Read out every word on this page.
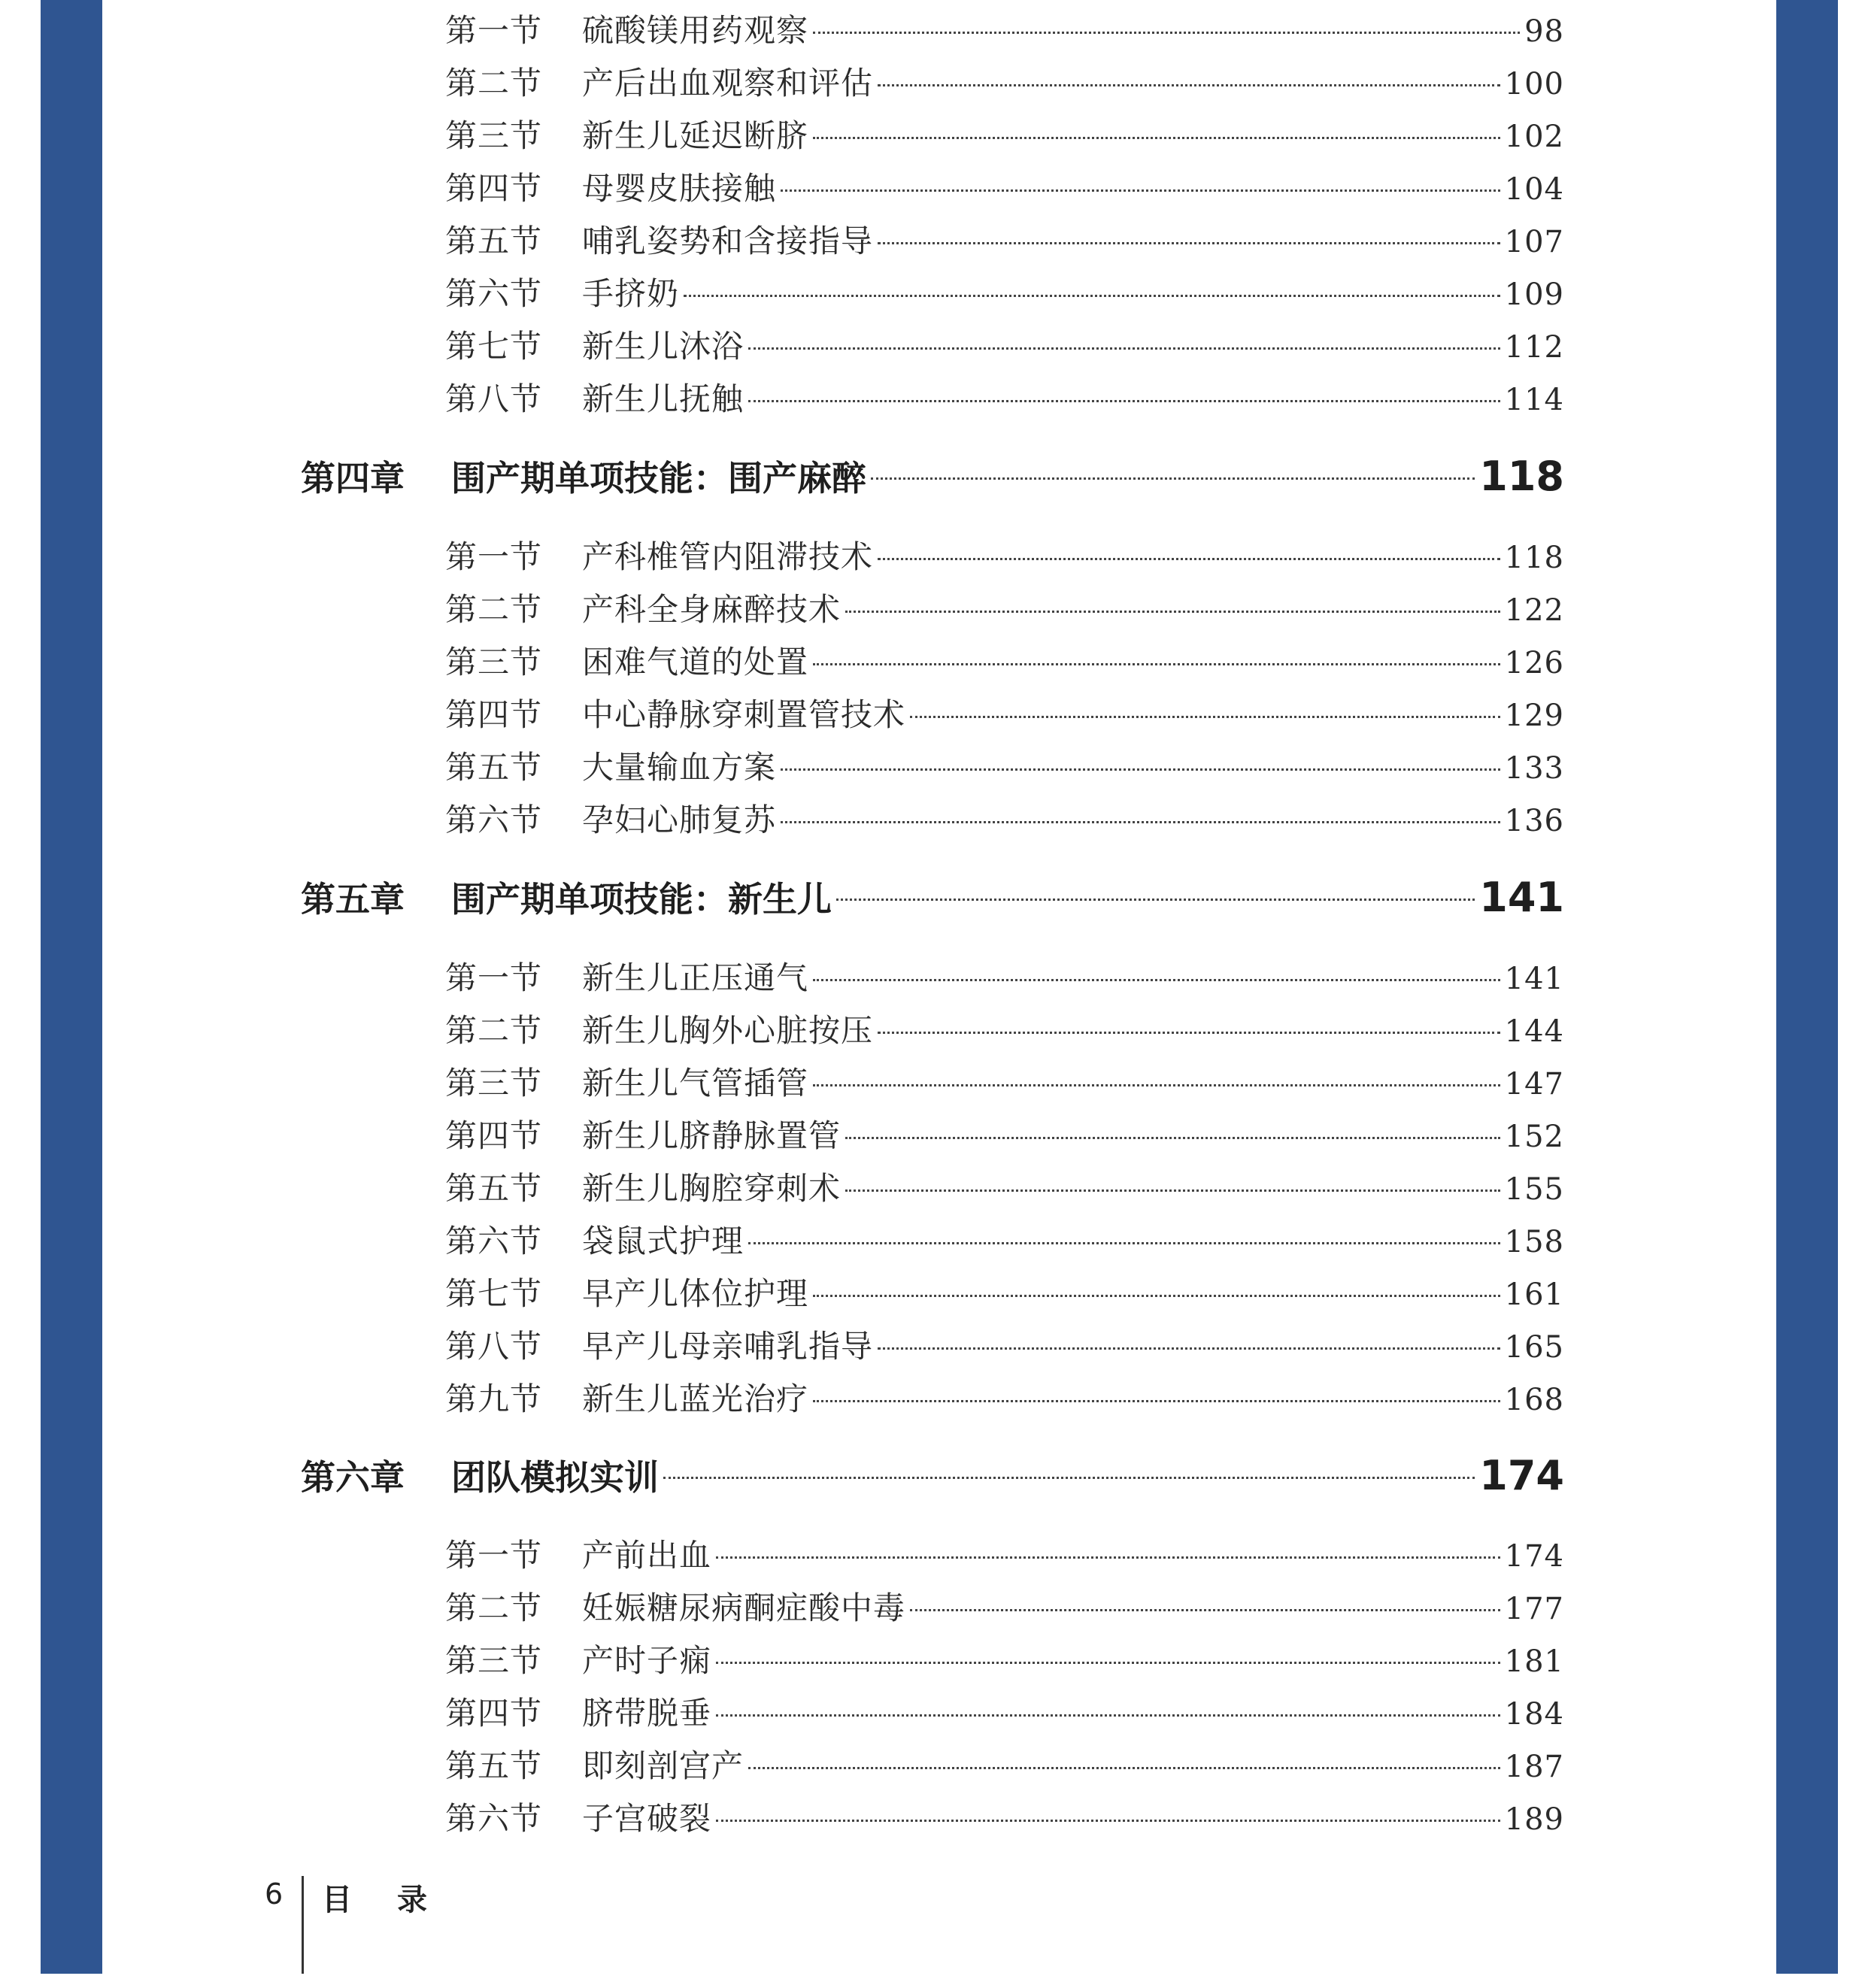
第一节	硫酸镁用药观察	98
第二节	产后出血观察和评估	100
第三节	新生儿延迟断脐	102
第四节	母婴皮肤接触	104
第五节	哺乳姿势和含接指导	107
第六节	手挤奶	109
第七节	新生儿沐浴	112
第八节	新生儿抚触	114
第四章	围产期单项技能：围产麻醉	118
第一节	产科椎管内阻滞技术	118
第二节	产科全身麻醉技术	122
第三节	困难气道的处置	126
第四节	中心静脉穿刺置管技术	129
第五节	大量输血方案	133
第六节	孕妇心肺复苏	136
第五章	围产期单项技能：新生儿	141
第一节	新生儿正压通气	141
第二节	新生儿胸外心脏按压	144
第三节	新生儿气管插管	147
第四节	新生儿脐静脉置管	152
第五节	新生儿胸腔穿刺术	155
第六节	袋鼠式护理	158
第七节	早产儿体位护理	161
第八节	早产儿母亲哺乳指导	165
第九节	新生儿蓝光治疗	168
第六章	团队模拟实训	174
第一节	产前出血	174
第二节	妊娠糖尿病酮症酸中毒	177
第三节	产时子痫	181
第四节	脐带脱垂	184
第五节	即刻剖宫产	187
第六节	子宫破裂	189
6 目录
